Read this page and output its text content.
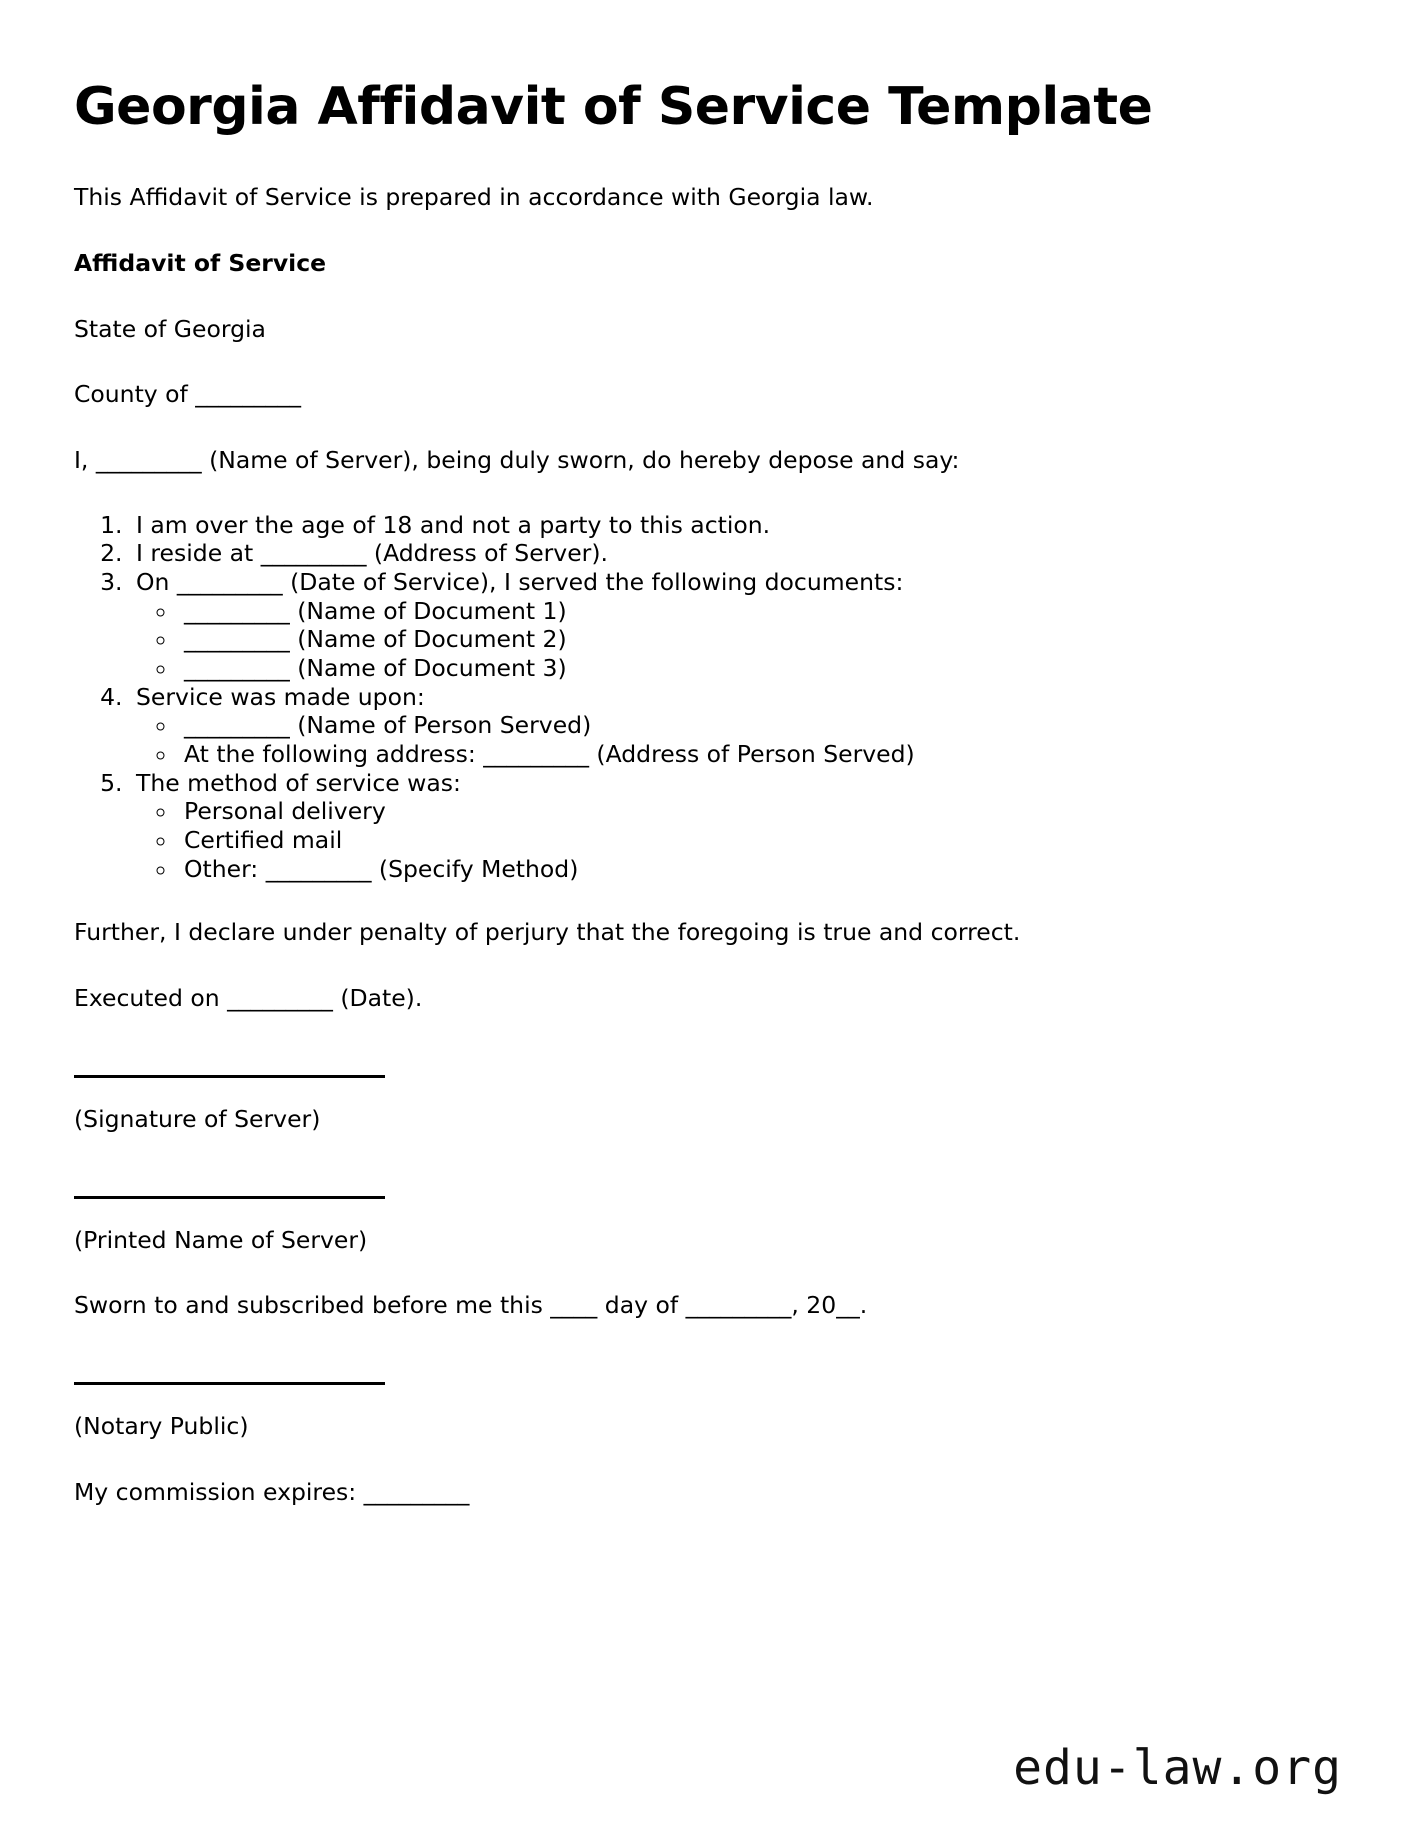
Georgia Affidavit of Service Template

This Affidavit of Service is prepared in accordance with Georgia law.

Affidavit of Service

State of Georgia

County of _________

I, _________ (Name of Server), being duly sworn, do hereby depose and say:

1. I am over the age of 18 and not a party to this action.
2. I reside at _________ (Address of Server).
3. On _________ (Date of Service), I served the following documents:
◦ _________ (Name of Document 1)
◦ _________ (Name of Document 2)
◦ _________ (Name of Document 3)
4. Service was made upon:
◦ _________ (Name of Person Served)
◦ At the following address: _________ (Address of Person Served)
5. The method of service was:
◦ Personal delivery
◦ Certified mail
◦ Other: _________ (Specify Method)

Further, I declare under penalty of perjury that the foregoing is true and correct.

Executed on _________ (Date).

(Signature of Server)

(Printed Name of Server)

Sworn to and subscribed before me this ____ day of _________, 20__.

(Notary Public)

My commission expires: _________

edu-law.org
